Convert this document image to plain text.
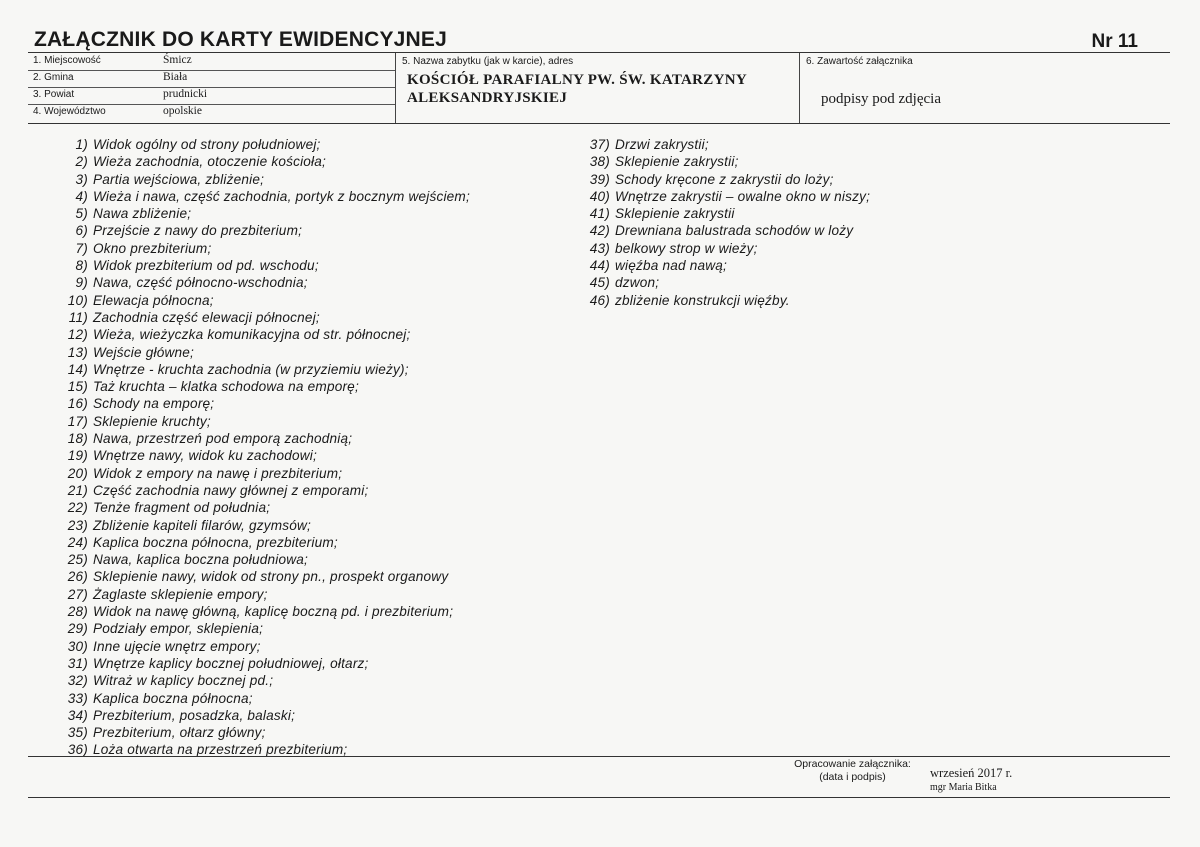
ZAŁĄCZNIK DO KARTY EWIDENCYJNEJ	Nr 11
1. Miejscowość	Śmicz
2. Gmina	Biała
3. Powiat	prudnicki
4. Województwo	opolskie
5. Nazwa zabytku (jak w karcie), adres
KOŚCIÓŁ PARAFIALNY PW. ŚW. KATARZYNY ALEKSANDRYJSKIEJ
6. Zawartość załącznika
podpisy pod zdjęcia
1) Widok ogólny od strony południowej;
2) Wieża zachodnia, otoczenie kościoła;
3) Partia wejściowa, zbliżenie;
4) Wieża i nawa, część zachodnia, portyk z bocznym wejściem;
5) Nawa zbliżenie;
6) Przejście z nawy do prezbiterium;
7) Okno prezbiterium;
8) Widok prezbiterium od pd. wschodu;
9) Nawa, część północno-wschodnia;
10) Elewacja północna;
11) Zachodnia część elewacji północnej;
12) Wieża, wieżyczka komunikacyjna od str. północnej;
13) Wejście główne;
14) Wnętrze - kruchta zachodnia (w przyziemiu wieży);
15) Taż kruchta – klatka schodowa na emporę;
16) Schody na emporę;
17) Sklepienie kruchty;
18) Nawa, przestrzeń pod emporą zachodnią;
19) Wnętrze nawy, widok ku zachodowi;
20) Widok z empory na nawę i prezbiterium;
21) Część zachodnia nawy głównej z emporami;
22) Tenże fragment od południa;
23) Zbliżenie kapiteli filarów, gzymsów;
24) Kaplica boczna północna, prezbiterium;
25) Nawa, kaplica boczna południowa;
26) Sklepienie nawy, widok od strony pn., prospekt organowy
27) Żaglaste sklepienie empory;
28) Widok na nawę główną, kaplicę boczną pd. i prezbiterium;
29) Podziały empor, sklepienia;
30) Inne ujęcie wnętrz empory;
31) Wnętrze kaplicy bocznej południowej, ołtarz;
32) Witraż w kaplicy bocznej pd.;
33) Kaplica boczna północna;
34) Prezbiterium, posadzka, balaski;
35) Prezbiterium, ołtarz główny;
36) Loża otwarta na przestrzeń prezbiterium;
37) Drzwi zakrystii;
38) Sklepienie zakrystii;
39) Schody kręcone z zakrystii do loży;
40) Wnętrze zakrystii – owalne okno w niszy;
41) Sklepienie zakrystii
42) Drewniana balustrada schodów w loży
43) belkowy strop w wieży;
44) więźba nad nawą;
45) dzwon;
46) zbliżenie konstrukcji więźby.
Opracowanie załącznika:
(data i podpis)	wrzesień 2017 r.
mgr Maria Bitka
